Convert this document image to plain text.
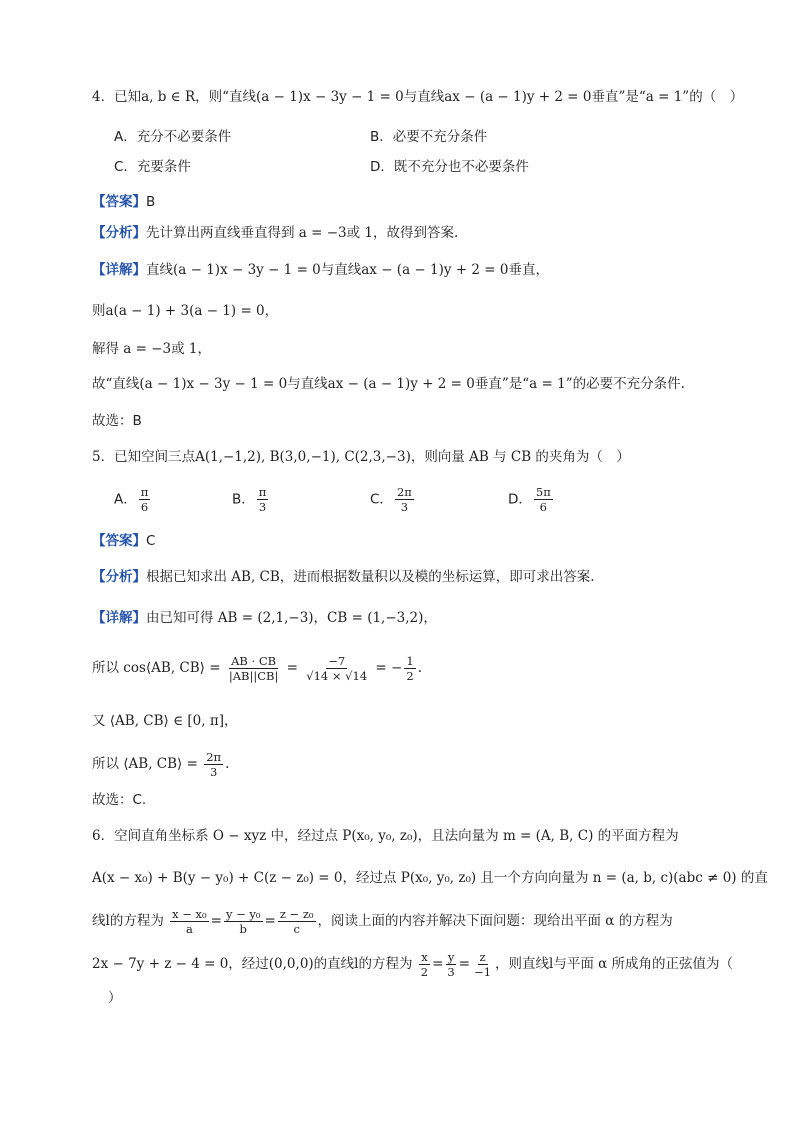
4．已知a, b ∈ R，则“直线(a − 1)x − 3y − 1 = 0与直线ax − (a − 1)y + 2 = 0垂直”是“a = 1”的（　）
A．充分不必要条件	B．必要不充分条件
C．充要条件	D．既不充分也不必要条件
【答案】B
【分析】先计算出两直线垂直得到 a = −3或 1，故得到答案.
【详解】直线(a − 1)x − 3y − 1 = 0与直线ax − (a − 1)y + 2 = 0垂直，
则a(a − 1) + 3(a − 1) = 0，
解得 a = −3或 1，
故“直线(a − 1)x − 3y − 1 = 0与直线ax − (a − 1)y + 2 = 0垂直”是“a = 1”的必要不充分条件.
故选：B
5．已知空间三点A(1,−1,2), B(3,0,−1), C(2,3,−3)，则向量 AB 与 CB 的夹角为（　）
A． $\frac{\pi}{6}$	B． $\frac{\pi}{3}$	C． $\frac{2\pi}{3}$	D． $\frac{5\pi}{6}$
【答案】C
【分析】根据已知求出 AB, CB，进而根据数量积以及模的坐标运算，即可求出答案.
【详解】由已知可得 AB = (2,1,−3)，CB = (1,−3,2)，
所以 cos⟨AB, CB⟩ = $\frac{AB \cdot CB}{|AB||CB|} = \frac{-7}{√14 \times √14}$ = − $\frac{1}{2}$ .
又 ⟨AB, CB⟩ ∈ [0, π]，
所以 ⟨AB, CB⟩ = $\frac{2\pi}{3}$ .
故选：C.
6．空间直角坐标系 O − xyz 中，经过点 P(x₀, y₀, z₀)，且法向量为 m = (A, B, C) 的平面方程为
A(x − x₀) + B(y − y₀) + C(z − z₀) = 0，经过点 P(x₀, y₀, z₀) 且一个方向向量为 n = (a, b, c)(abc ≠ 0) 的直
线l的方程为 $\frac{\text{x − x₀}}{a} = \frac{\text{y − y₀}}{b} = \frac{\text{z − z₀}}{c}$ ，阅读上面的内容并解决下面问题：现给出平面 α 的方程为
2x − 7y + z − 4 = 0，经过(0,0,0)的直线l的方程为 $\frac{x}{2} = \frac{y}{3} = \frac{z}{-1}$ ，则直线l与平面 α 所成角的正弦值为（
）
